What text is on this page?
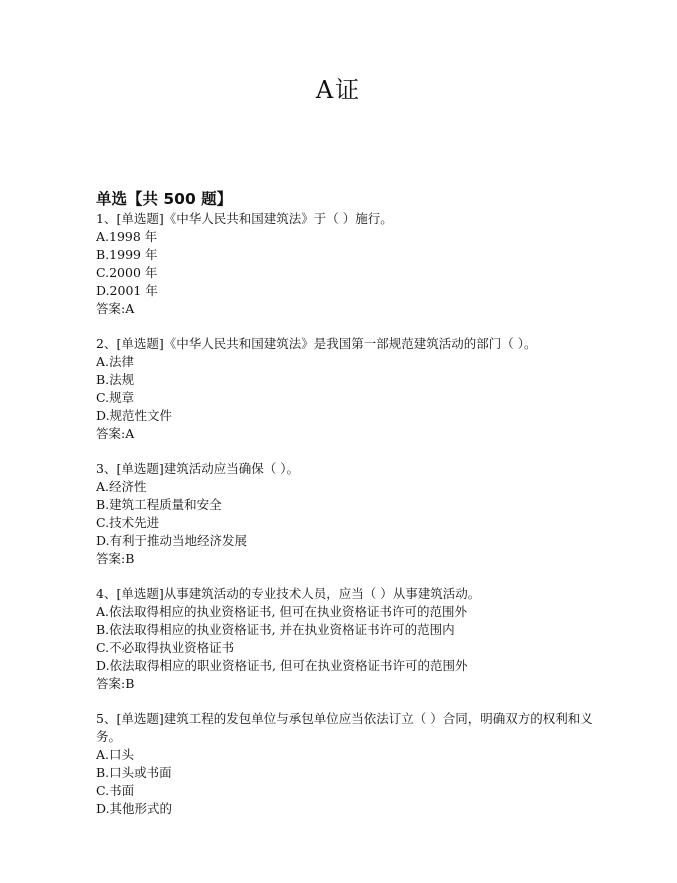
A证
单选【共 500 题】
1、[单选题]《中华人民共和国建筑法》于（ ）施行。
A.1998 年
B.1999 年
C.2000 年
D.2001 年
答案:A
2、[单选题]《中华人民共和国建筑法》是我国第一部规范建筑活动的部门（ ）。
A.法律
B.法规
C.规章
D.规范性文件
答案:A
3、[单选题]建筑活动应当确保（ ）。
A.经济性
B.建筑工程质量和安全
C.技术先进
D.有利于推动当地经济发展
答案:B
4、[单选题]从事建筑活动的专业技术人员，应当（ ）从事建筑活动。
A.依法取得相应的执业资格证书, 但可在执业资格证书许可的范围外
B.依法取得相应的执业资格证书, 并在执业资格证书许可的范围内
C.不必取得执业资格证书
D.依法取得相应的职业资格证书, 但可在执业资格证书许可的范围外
答案:B
5、[单选题]建筑工程的发包单位与承包单位应当依法订立（ ）合同，明确双方的权利和义务。
A.口头
B.口头或书面
C.书面
D.其他形式的
